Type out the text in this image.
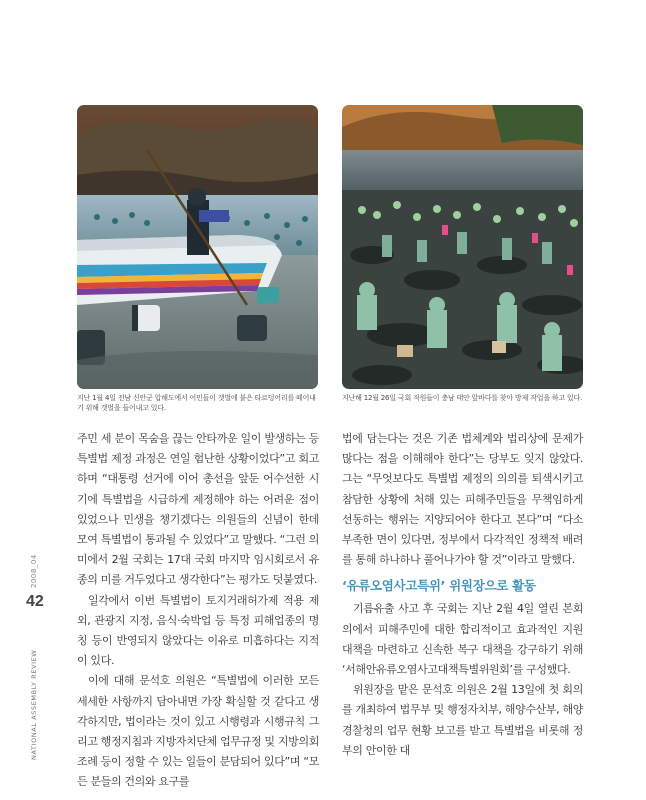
지난 1월 4일 전남 신안군 압해도에서 어민들이 갯벌에 붙은 타르덩어리를 떼어내기 위해 갯벌을 들어내고 있다.
지난해 12월 26일 국회 직원들이 충남 태안 앞바다를 찾아 방제 작업을 하고 있다.

주민 세 분이 목숨을 끊는 안타까운 일이 발생하는 등 특별법 제정 과정은 연일 험난한 상황이었다”고 회고하며 “대통령 선거에 이어 총선을 앞둔 어수선한 시기에 특별법을 시급하게 제정해야 하는 어려운 점이 있었으나 민생을 챙기겠다는 의원들의 신념이 한데 모여 특별법이 통과될 수 있었다”고 말했다. “그런 의미에서 2월 국회는 17대 국회 마지막 임시회로서 유종의 미를 거두었다고 생각한다”는 평가도 덧붙였다.

일각에서 이번 특별법이 토지거래허가제 적용 제외, 관광지 지정, 음식·숙박업 등 특정 피해업종의 명칭 등이 반영되지 않았다는 이유로 미흡하다는 지적이 있다.

이에 대해 문석호 의원은 “특별법에 이러한 모든 세세한 사항까지 담아내면 가장 확실할 것 같다고 생각하지만, 법이라는 것이 있고 시행령과 시행규칙 그리고 행정지침과 지방자치단체 업무규정 및 지방의회 조례 등이 정할 수 있는 일들이 분담되어 있다”며 “모든 분들의 건의와 요구를

법에 담는다는 것은 기존 법체계와 법리상에 문제가 많다는 점을 이해해야 한다”는 당부도 잊지 않았다. 그는 “무엇보다도 특별법 제정의 의의를 퇴색시키고 참담한 상황에 처해 있는 피해주민들을 무책임하게 선동하는 행위는 지양되어야 한다고 본다”며 “다소 부족한 면이 있다면, 정부에서 다각적인 정책적 배려를 통해 하나하나 풀어나가야 할 것”이라고 말했다.

‘유류오염사고특위’ 위원장으로 활동

기름유출 사고 후 국회는 지난 2월 4일 열린 본회의에서 피해주민에 대한 합리적이고 효과적인 지원대책을 마련하고 신속한 복구 대책을 강구하기 위해 ‘서해안유류오염사고대책특별위원회’를 구성했다.

위원장을 맡은 문석호 의원은 2월 13일에 첫 회의를 개최하여 법무부 및 행정자치부, 해양수산부, 해양경찰청의 업무 현황 보고를 받고 특별법을 비롯해 정부의 안이한 대

2008_04
42
NATIONAL ASSEMBLY REVIEW
